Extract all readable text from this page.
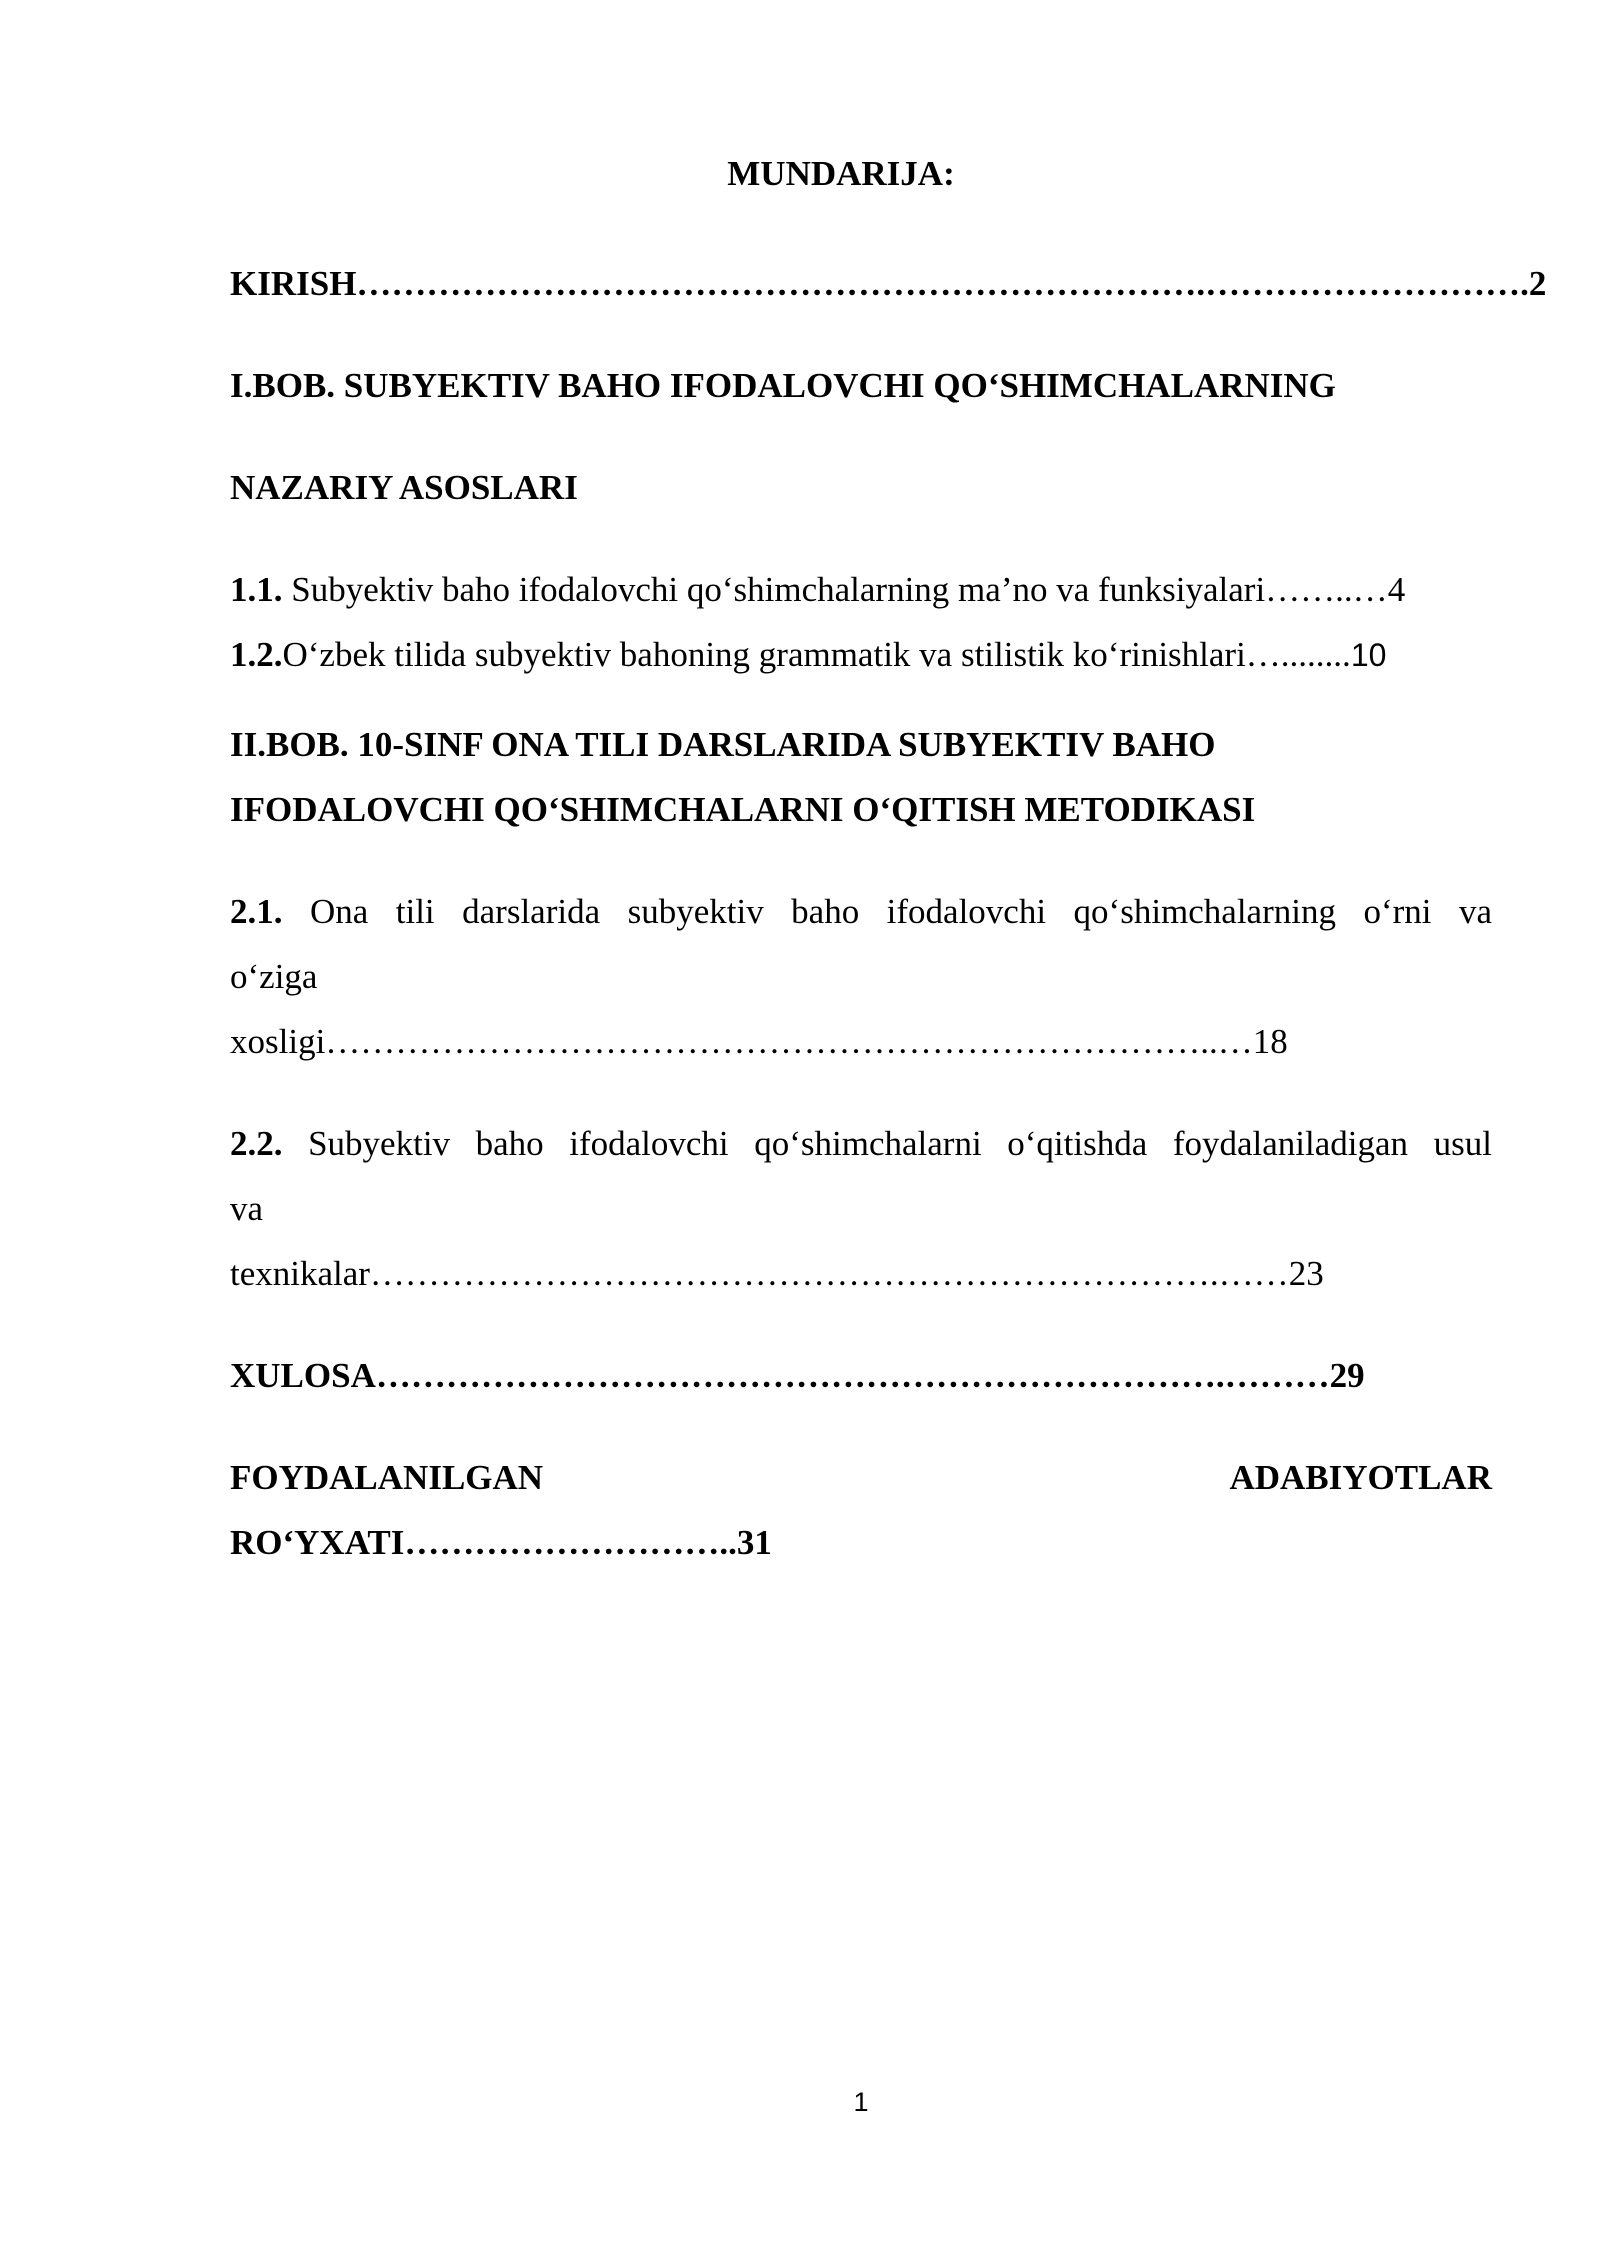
MUNDARIJA:
KIRISH……………………………………………………………….……………………….2
I.BOB. SUBYEKTIV BAHO IFODALOVCHI QO‘SHIMCHALARNING
NAZARIY ASOSLARI
1.1. Subyektiv baho ifodalovchi qo‘shimchalarning ma’no va funksiyalari……..…4
1.2.O‘zbek tilida subyektiv bahoning grammatik va stilistik ko‘rinishlari…........10
II.BOB. 10-SINF ONA TILI DARSLARIDA SUBYEKTIV BAHO
IFODALOVCHI QO‘SHIMCHALARNI O‘QITISH METODIKASI
2.1. Ona tili darslarida subyektiv baho ifodalovchi qo‘shimchalarning o‘rni va
o‘ziga
xosligi…………………………………………………………………..…18
2.2. Subyektiv baho ifodalovchi qo‘shimchalarni o‘qitishda foydalaniladigan usul
va
texnikalar……………………………………………………………….……23
XULOSA……………………………………………………………….………29
FOYDALANILGAN	ADABIYOTLAR
RO‘YXATI………………………..31
1
